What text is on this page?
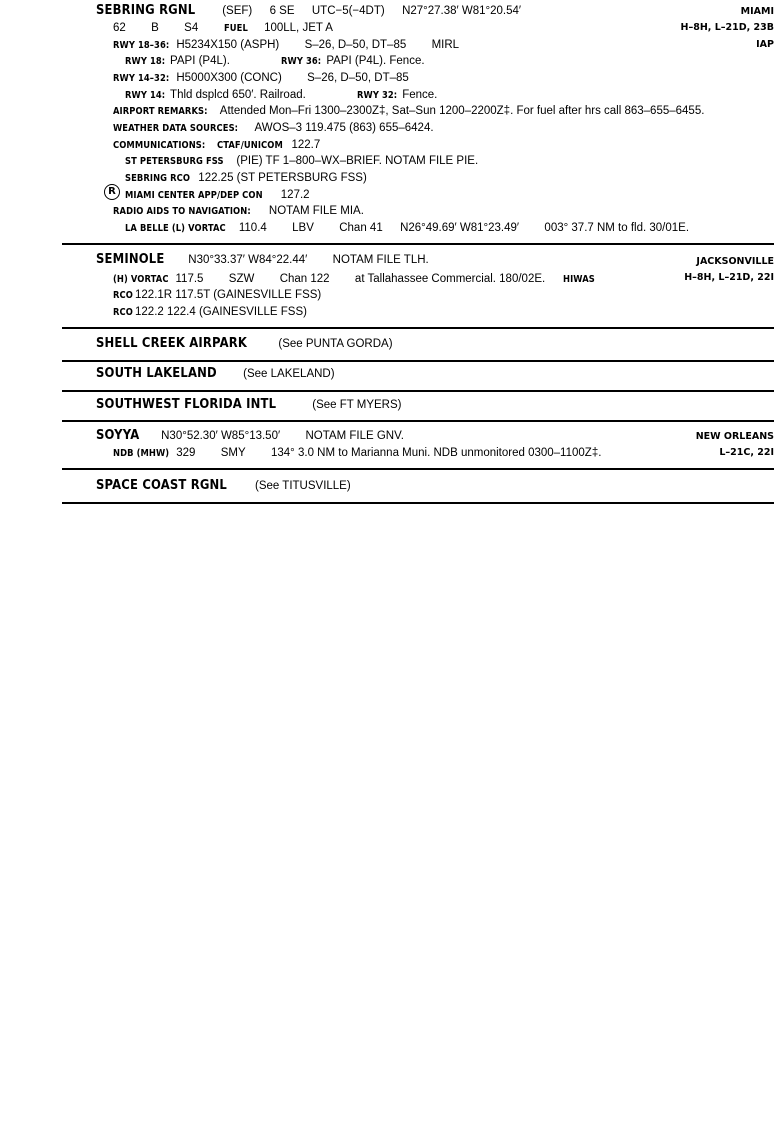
SEBRING RGNL (SEF) 6 SE UTC−5(−4DT) N27°27.38′ W81°20.54′	MIAMI
62 B S4	FUEL 100LL, JET A	H–8H, L–21D, 23B
RWY 18–36: H5234X150 (ASPH) S–26, D–50, DT–85 MIRL	IAP
RWY 18: PAPI (P4L).	RWY 36: PAPI (P4L). Fence.
RWY 14–32: H5000X300 (CONC) S–26, D–50, DT–85
RWY 14: Thld dsplcd 650′. Railroad.	RWY 32: Fence.
AIRPORT REMARKS: Attended Mon–Fri 1300–2300Z‡, Sat–Sun 1200–2200Z‡. For fuel after hrs call 863–655–6455.
WEATHER DATA SOURCES: AWOS–3 119.475 (863) 655–6424.
COMMUNICATIONS: CTAF/UNICOM 122.7
ST PETERSBURG FSS (PIE) TF 1–800–WX–BRIEF. NOTAM FILE PIE.
SEBRING RCO 122.25 (ST PETERSBURG FSS)
R MIAMI CENTER APP/DEP CON 127.2
RADIO AIDS TO NAVIGATION: NOTAM FILE MIA.
LA BELLE (L) VORTAC 110.4 LBV Chan 41 N26°49.69′ W81°23.49′ 003° 37.7 NM to fld. 30/01E.
SEMINOLE N30°33.37′ W84°22.44′ NOTAM FILE TLH.	JACKSONVILLE
(H) VORTAC 117.5 SZW Chan 122 at Tallahassee Commercial. 180/02E. HIWAS	H–8H, L–21D, 22I
RCO 122.1R 117.5T (GAINESVILLE FSS)
RCO 122.2 122.4 (GAINESVILLE FSS)
SHELL CREEK AIRPARK	(See PUNTA GORDA)
SOUTH LAKELAND (See LAKELAND)
SOUTHWEST FLORIDA INTL	(See FT MYERS)
SOYYA N30°52.30′ W85°13.50′ NOTAM FILE GNV.	NEW ORLEANS
NDB (MHW) 329 SMY 134° 3.0 NM to Marianna Muni. NDB unmonitored 0300–1100Z‡.	L–21C, 22I
SPACE COAST RGNL (See TITUSVILLE)
